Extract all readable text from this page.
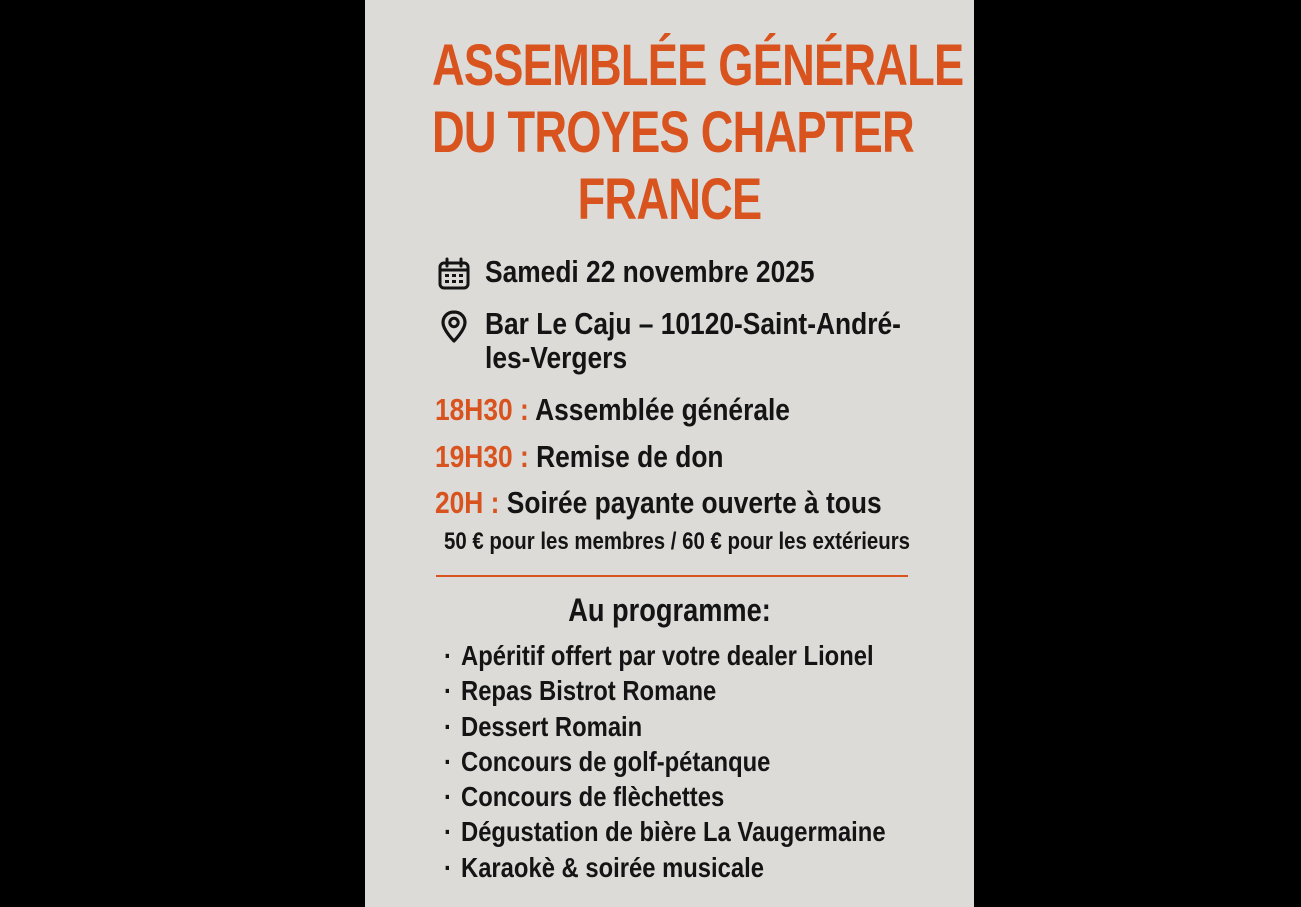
ASSEMBLÉE GÉNÉRALE
DU TROYES CHAPTER
FRANCE
Samedi 22 novembre 2025
Bar Le Caju – 10120-Saint-André-
les-Vergers
18H30 : Assemblée générale
19H30 : Remise de don
20H : Soirée payante ouverte à tous
50 € pour les membres / 60 € pour les extérieurs
Au programme:
· Apéritif offert par votre dealer Lionel
· Repas Bistrot Romane
· Dessert Romain
· Concours de golf-pétanque
· Concours de flèchettes
· Dégustation de bière La Vaugermaine
· Karaokè & soirée musicale
